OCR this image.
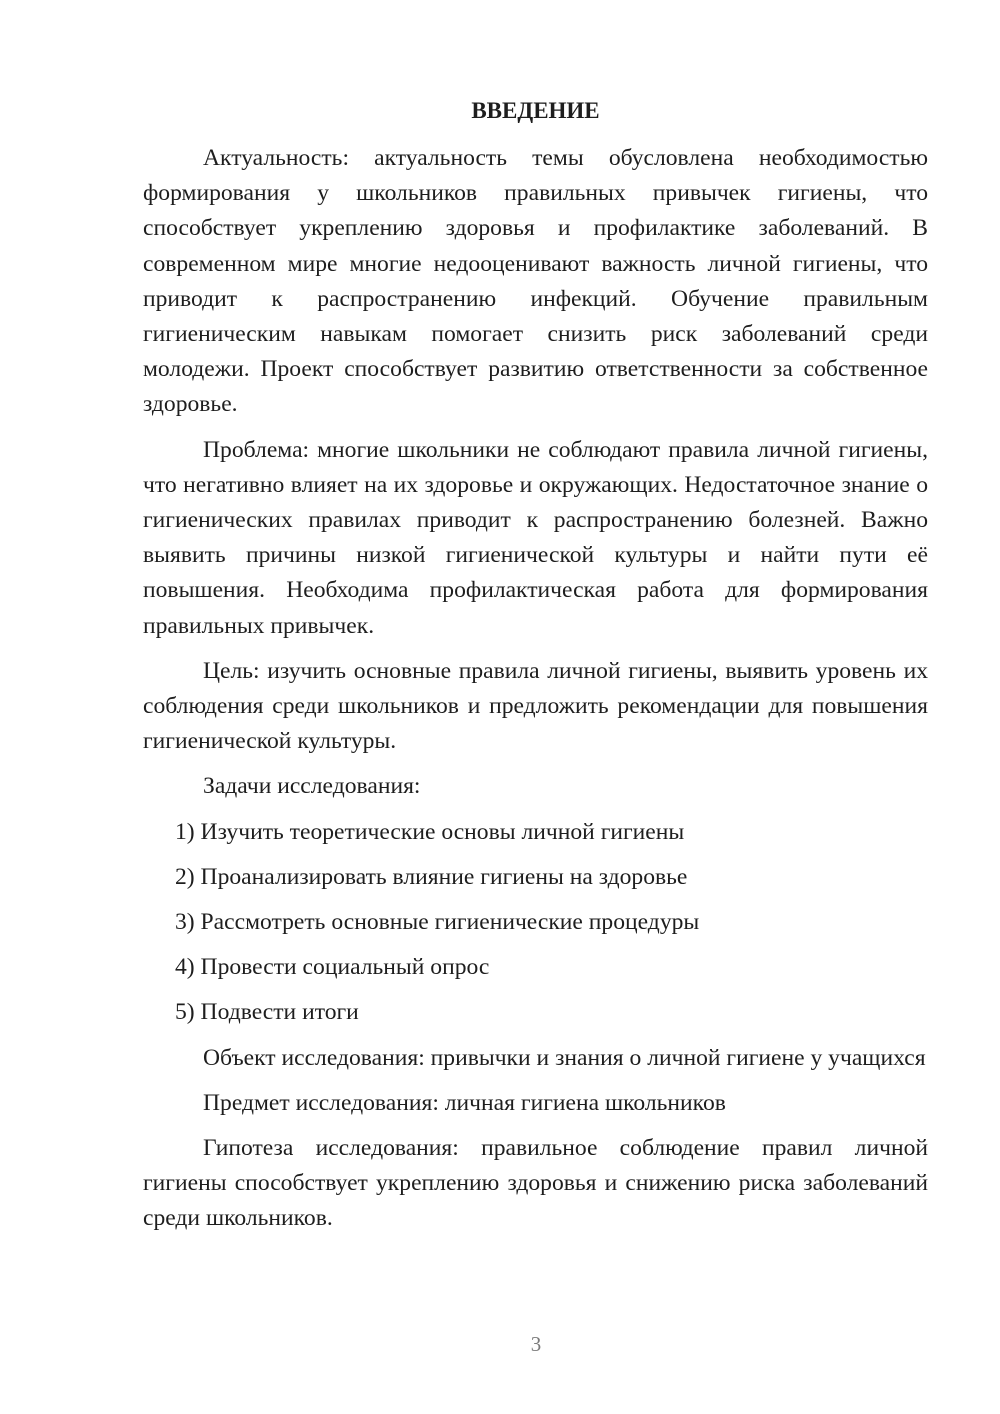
ВВЕДЕНИЕ

Актуальность: актуальность темы обусловлена необходимостью формирования у школьников правильных привычек гигиены, что способствует укреплению здоровья и профилактике заболеваний. В современном мире многие недооценивают важность личной гигиены, что приводит к распространению инфекций. Обучение правильным гигиеническим навыкам помогает снизить риск заболеваний среди молодежи. Проект способствует развитию ответственности за собственное здоровье.

Проблема: многие школьники не соблюдают правила личной гигиены, что негативно влияет на их здоровье и окружающих. Недостаточное знание о гигиенических правилах приводит к распространению болезней. Важно выявить причины низкой гигиенической культуры и найти пути её повышения. Необходима профилактическая работа для формирования правильных привычек.

Цель: изучить основные правила личной гигиены, выявить уровень их соблюдения среди школьников и предложить рекомендации для повышения гигиенической культуры.

Задачи исследования:

1) Изучить теоретические основы личной гигиены
2) Проанализировать влияние гигиены на здоровье
3) Рассмотреть основные гигиенические процедуры
4) Провести социальный опрос
5) Подвести итоги

Объект исследования: привычки и знания о личной гигиене у учащихся

Предмет исследования: личная гигиена школьников

Гипотеза исследования: правильное соблюдение правил личной гигиены способствует укреплению здоровья и снижению риска заболеваний среди школьников.

3
